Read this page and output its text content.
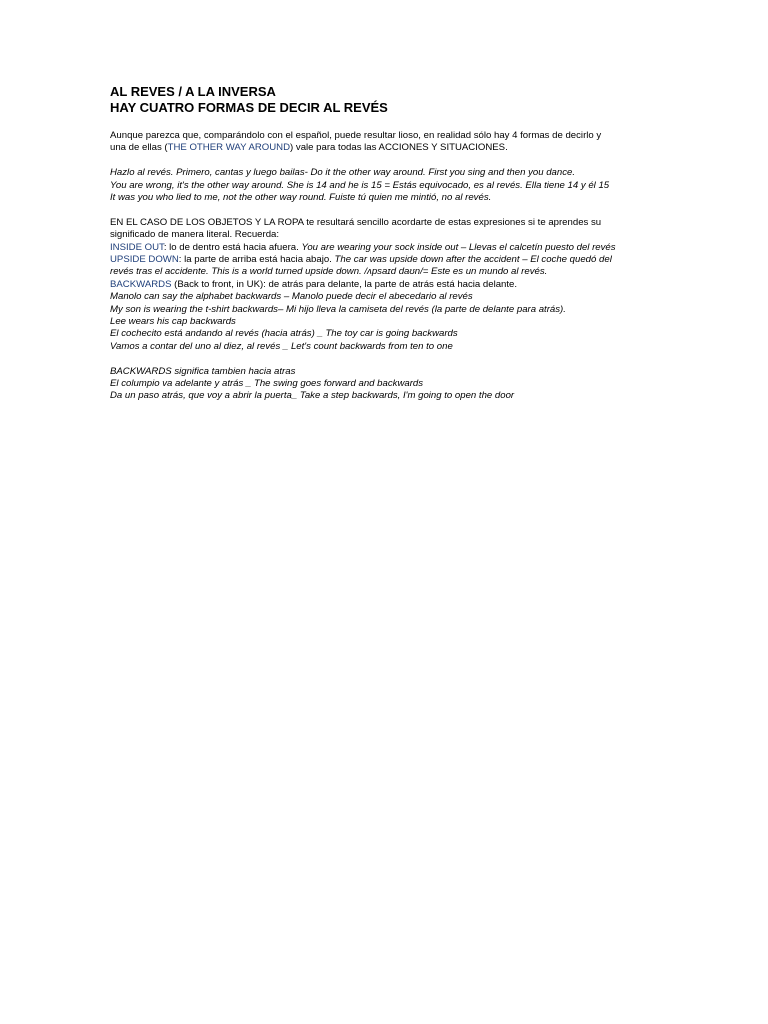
AL REVES / A LA INVERSA
HAY CUATRO FORMAS DE DECIR AL REVÉS

Aunque parezca que, comparándolo con el español, puede resultar lioso, en realidad sólo hay 4 formas de decirlo y

una de ellas (THE OTHER WAY AROUND) vale para todas las ACCIONES Y SITUACIONES.

Hazlo al revés. Primero, cantas y luego bailas- Do it the other way around. First you sing and then you dance.

You are wrong, it's the other way around. She is 14 and he is 15 = Estás equivocado, es al revés. Ella tiene 14 y él 15

It was you who lied to me, not the other way round. Fuiste tú quien me mintió, no al revés.

EN EL CASO DE LOS OBJETOS Y LA ROPA te resultará sencillo acordarte de estas expresiones si te aprendes su

significado de manera literal. Recuerda:

INSIDE OUT: lo de dentro está hacia afuera. You are wearing your sock inside out – Llevas el calcetín puesto del revés

UPSIDE DOWN: la parte de arriba está hacia abajo. The car was upside down after the accident – El coche quedó del

revés tras el accidente. This is a world turned upside down. /ʌpsaɪd daʊn/= Este es un mundo al revés.

BACKWARDS (Back to front, in UK): de atrás para delante, la parte de atrás está hacia delante.

Manolo can say the alphabet backwards – Manolo puede decir el abecedario al revés

My son is wearing the t-shirt backwards– Mi hijo lleva la camiseta del revés (la parte de delante para atrás).

Lee wears his cap backwards

El cochecito está andando al revés (hacia atrás) _ The toy car is going backwards

Vamos a contar del uno al diez, al revés _ Let's count backwards from ten to one

BACKWARDS significa tambien hacia atras

El columpio va adelante y atrás _ The swing goes forward and backwards

Da un paso atrás, que voy a abrir la puerta_ Take a step backwards, I'm going to open the door
